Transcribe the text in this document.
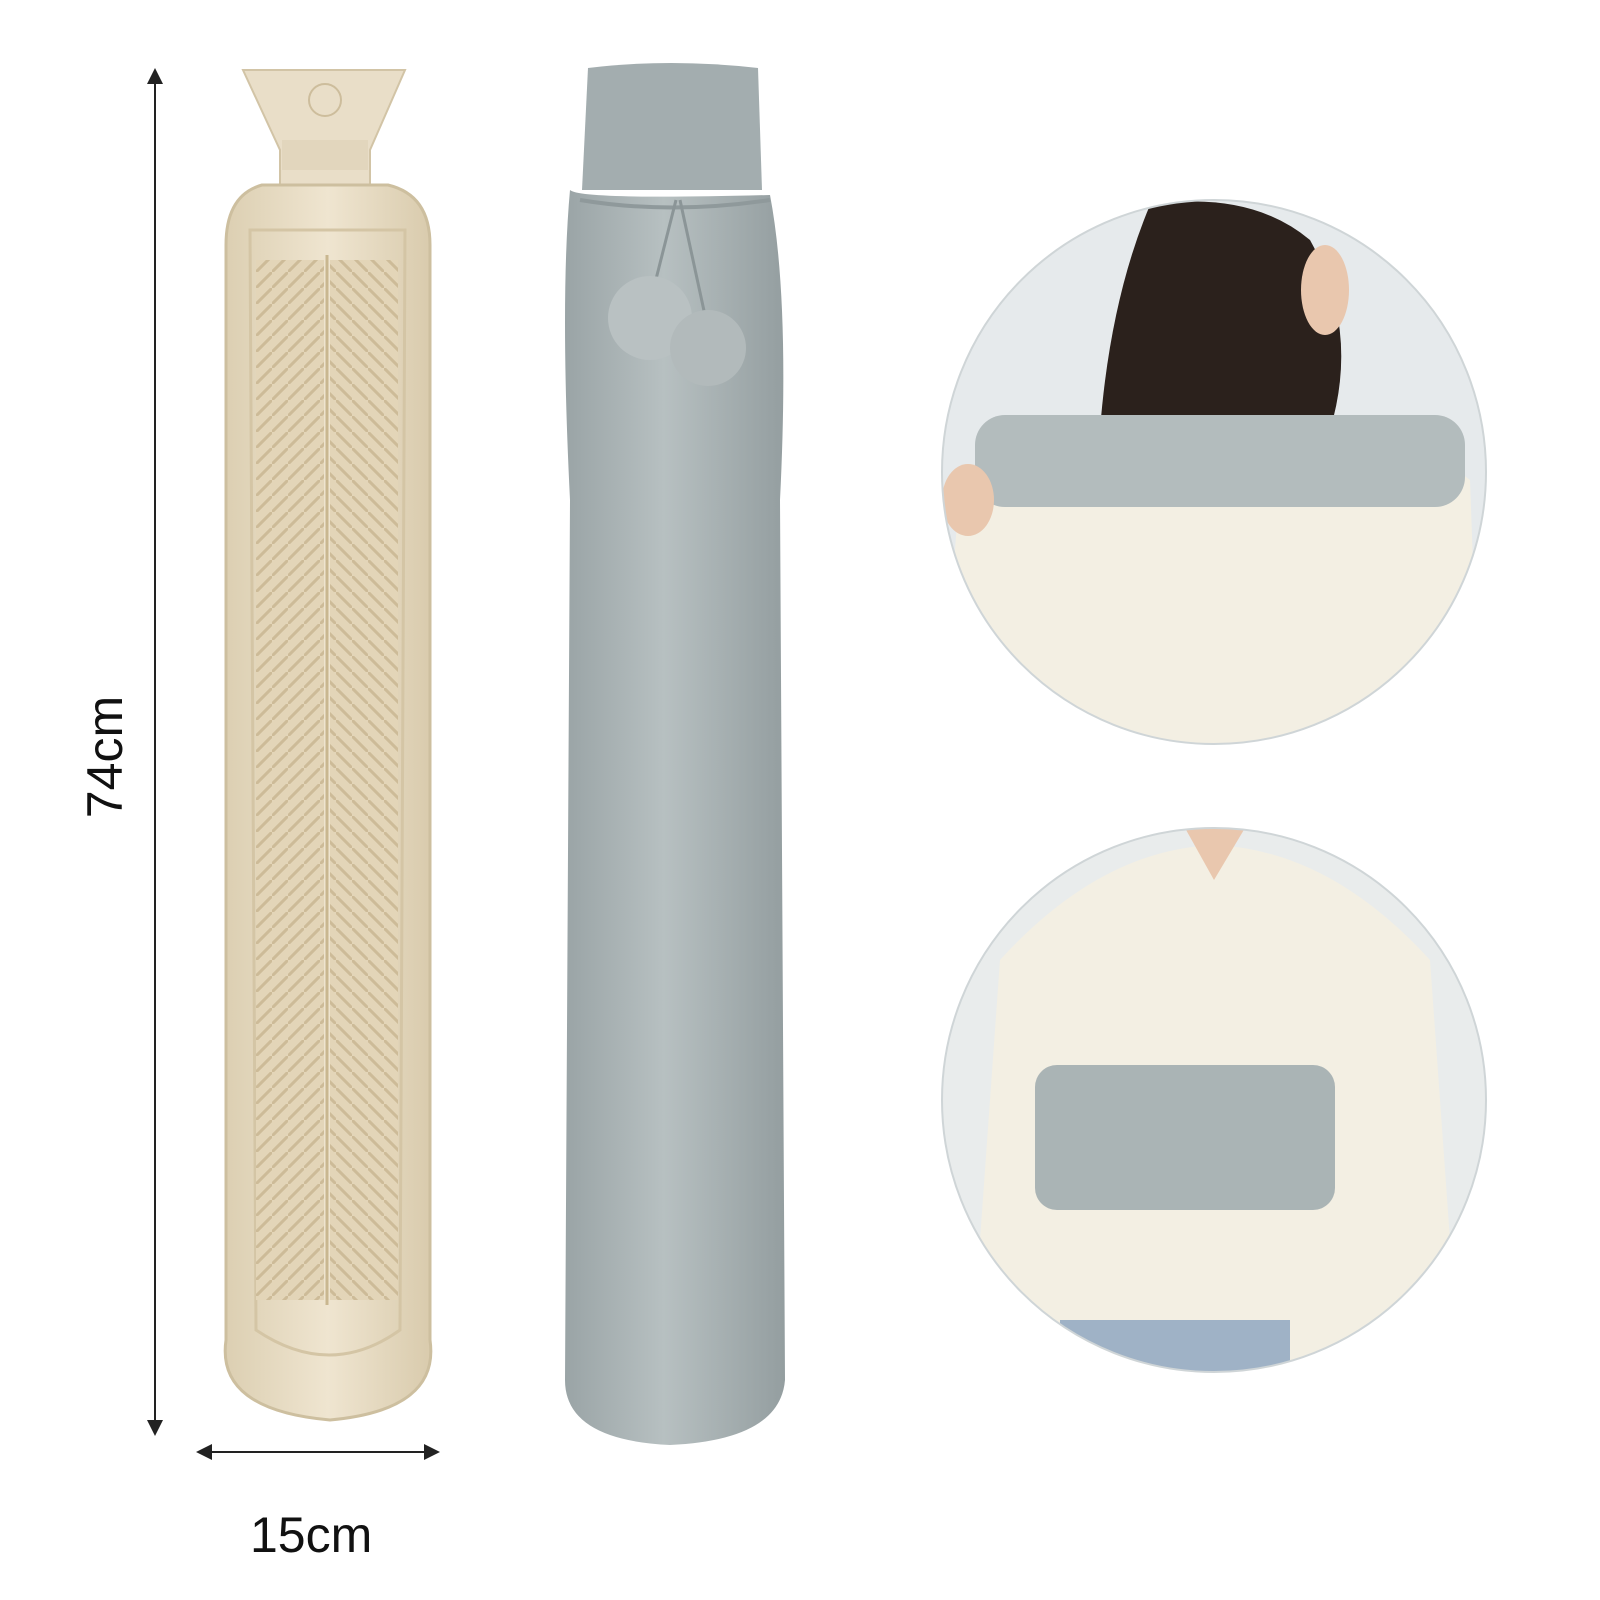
74cm
15cm
